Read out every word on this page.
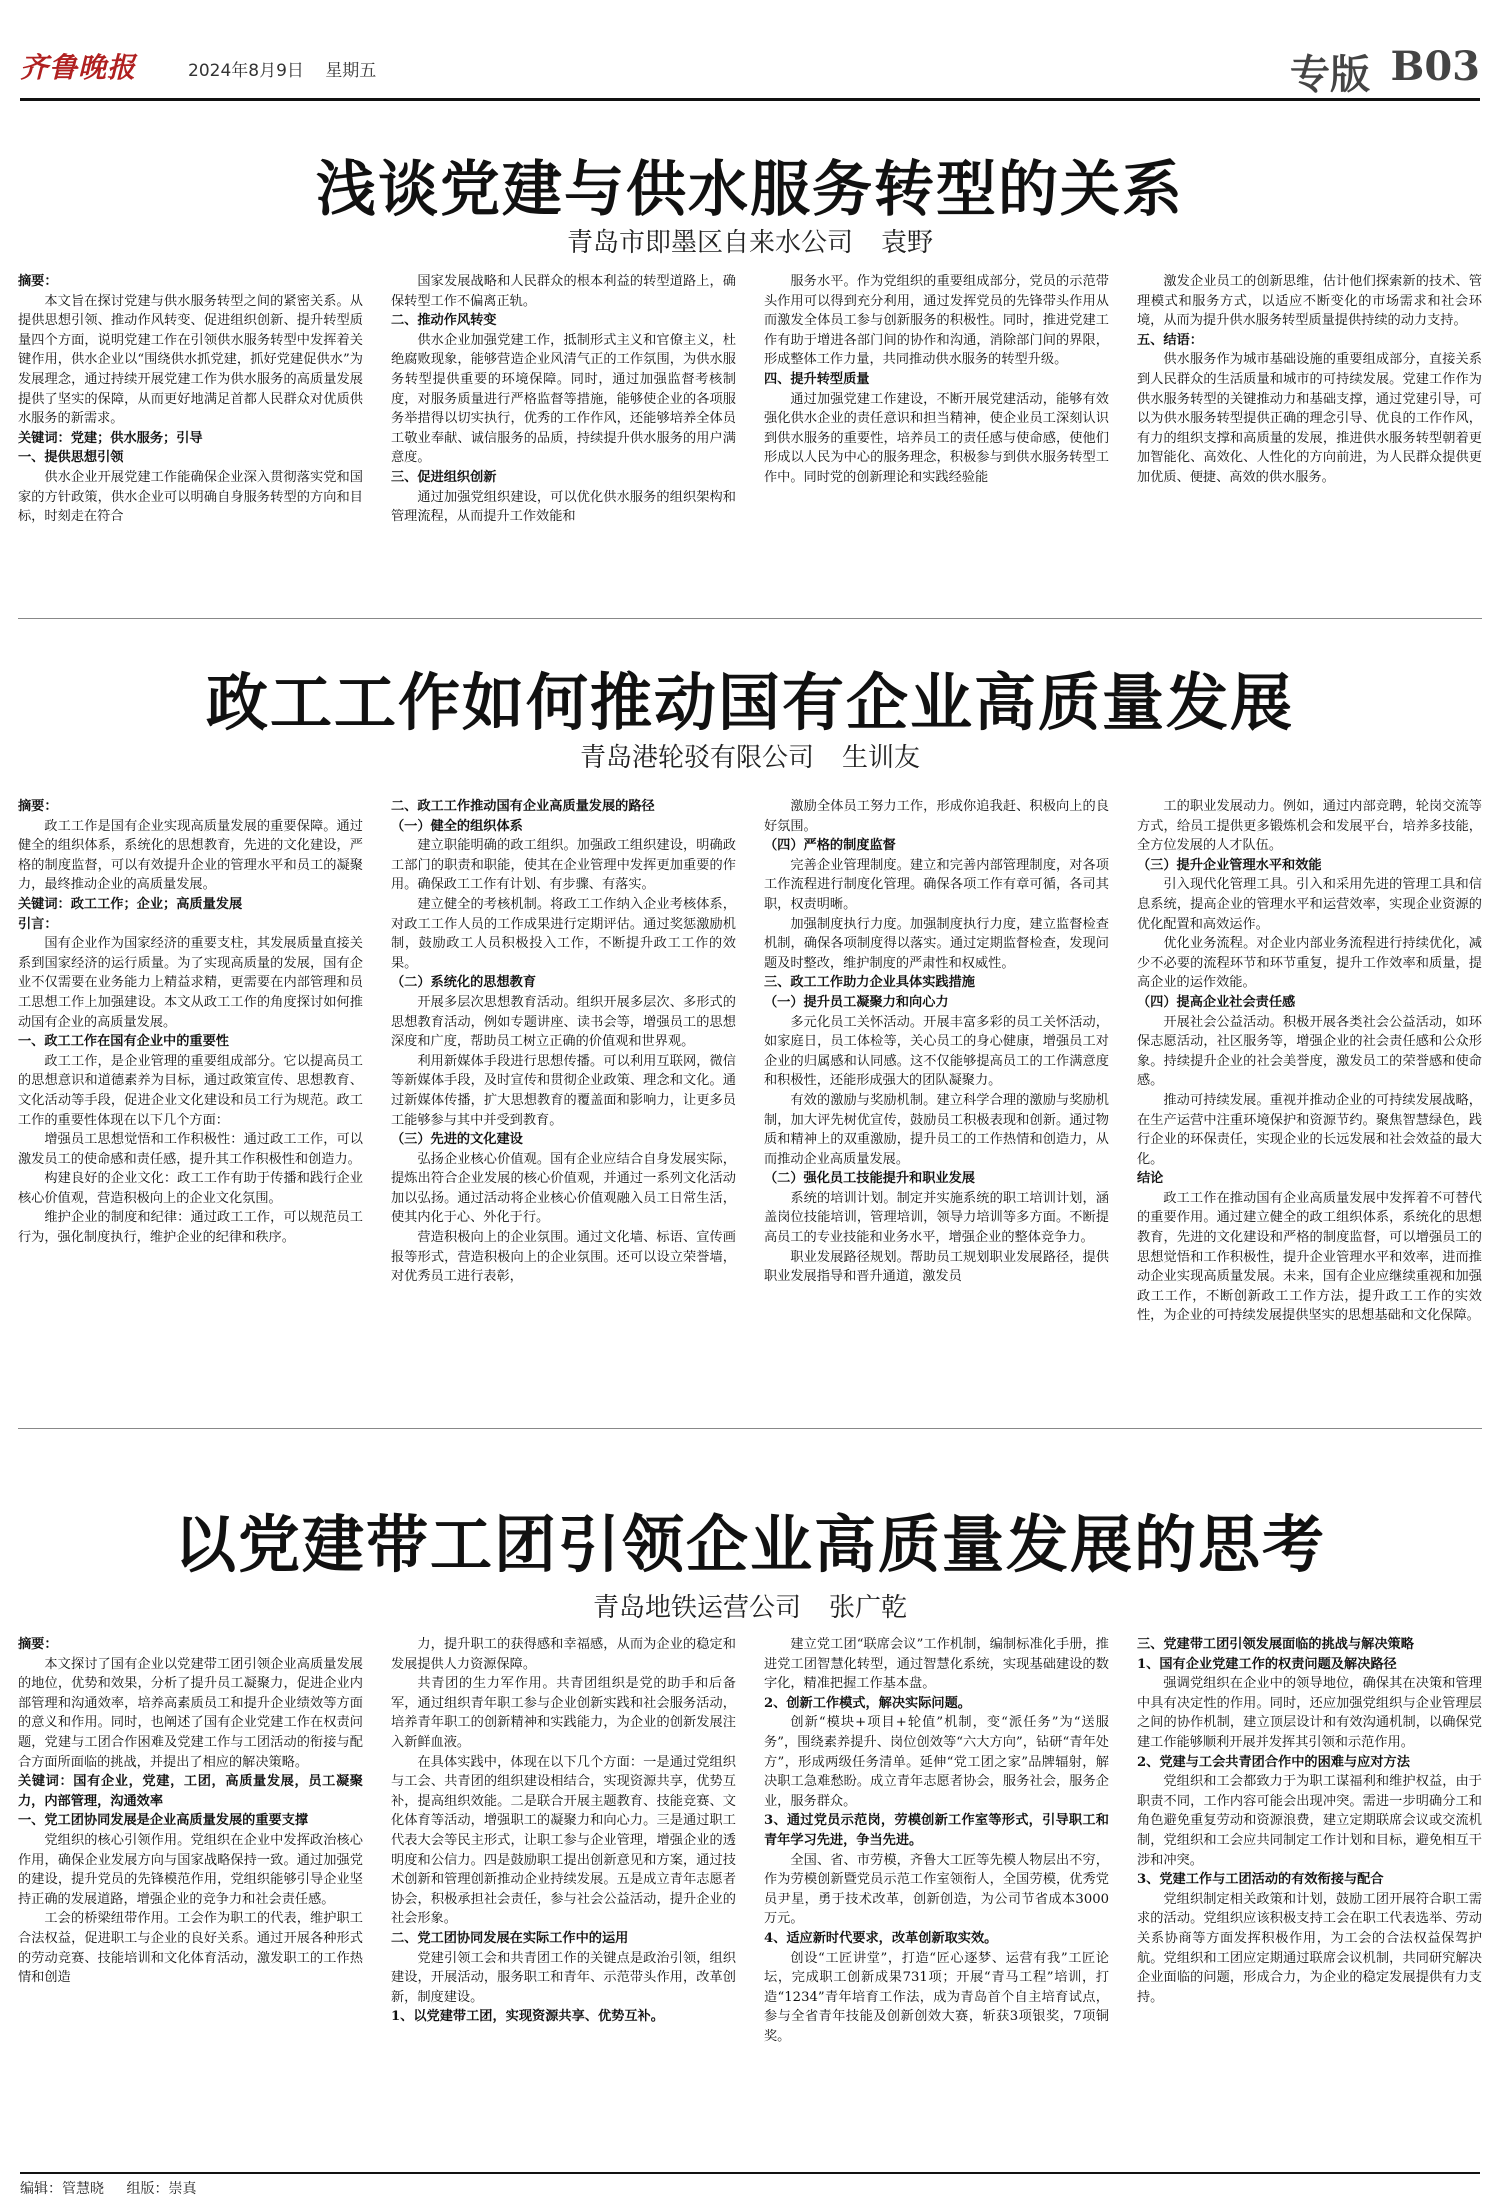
齐鲁晚报	2024年8月9日 星期五	专版 B03
浅谈党建与供水服务转型的关系
青岛市即墨区自来水公司 袁野

摘要：

本文旨在探讨党建与供水服务转型之间的紧密关系。从提供思想引领、推动作风转变、促进组织创新、提升转型质量四个方面，说明党建工作在引领供水服务转型中发挥着关键作用，供水企业以“围绕供水抓党建，抓好党建促供水”为发展理念，通过持续开展党建工作为供水服务的高质量发展提供了坚实的保障，从而更好地满足首都人民群众对优质供水服务的新需求。

关键词：党建；供水服务；引导

一、提供思想引领

供水企业开展党建工作能确保企业深入贯彻落实党和国家的方针政策，供水企业可以明确自身服务转型的方向和目标，时刻走在符合

国家发展战略和人民群众的根本利益的转型道路上，确保转型工作不偏离正轨。

二、推动作风转变

供水企业加强党建工作，抵制形式主义和官僚主义，杜绝腐败现象，能够营造企业风清气正的工作氛围，为供水服务转型提供重要的环境保障。同时，通过加强监督考核制度，对服务质量进行严格监督等措施，能够使企业的各项服务举措得以切实执行，优秀的工作作风，还能够培养全体员工敬业奉献、诚信服务的品质，持续提升供水服务的用户满意度。

三、促进组织创新

通过加强党组织建设，可以优化供水服务的组织架构和管理流程，从而提升工作效能和

服务水平。作为党组织的重要组成部分，党员的示范带头作用可以得到充分利用，通过发挥党员的先锋带头作用从而激发全体员工参与创新服务的积极性。同时，推进党建工作有助于增进各部门间的协作和沟通，消除部门间的界限，形成整体工作力量，共同推动供水服务的转型升级。

四、提升转型质量

通过加强党建工作建设，不断开展党建活动，能够有效强化供水企业的责任意识和担当精神，使企业员工深刻认识到供水服务的重要性，培养员工的责任感与使命感，使他们形成以人民为中心的服务理念，积极参与到供水服务转型工作中。同时党的创新理论和实践经验能

激发企业员工的创新思维，估计他们探索新的技术、管理模式和服务方式，以适应不断变化的市场需求和社会环境，从而为提升供水服务转型质量提供持续的动力支持。

五、结语：

供水服务作为城市基础设施的重要组成部分，直接关系到人民群众的生活质量和城市的可持续发展。党建工作作为供水服务转型的关键推动力和基础支撑，通过党建引导，可以为供水服务转型提供正确的理念引导、优良的工作作风，有力的组织支撑和高质量的发展，推进供水服务转型朝着更加智能化、高效化、人性化的方向前进，为人民群众提供更加优质、便捷、高效的供水服务。

政工工作如何推动国有企业高质量发展
青岛港轮驳有限公司 生训友

摘要：

政工工作是国有企业实现高质量发展的重要保障。通过健全的组织体系，系统化的思想教育，先进的文化建设，严格的制度监督，可以有效提升企业的管理水平和员工的凝聚力，最终推动企业的高质量发展。

关键词：政工工作；企业；高质量发展

引言：

国有企业作为国家经济的重要支柱，其发展质量直接关系到国家经济的运行质量。为了实现高质量的发展，国有企业不仅需要在业务能力上精益求精，更需要在内部管理和员工思想工作上加强建设。本文从政工工作的角度探讨如何推动国有企业的高质量发展。

一、政工工作在国有企业中的重要性

政工工作，是企业管理的重要组成部分。它以提高员工的思想意识和道德素养为目标，通过政策宣传、思想教育、文化活动等手段，促进企业文化建设和员工行为规范。政工工作的重要性体现在以下几个方面：

增强员工思想觉悟和工作积极性：通过政工工作，可以激发员工的使命感和责任感，提升其工作积极性和创造力。

构建良好的企业文化：政工工作有助于传播和践行企业核心价值观，营造积极向上的企业文化氛围。

维护企业的制度和纪律：通过政工工作，可以规范员工行为，强化制度执行，维护企业的纪律和秩序。

二、政工工作推动国有企业高质量发展的路径

（一）健全的组织体系

建立职能明确的政工组织。加强政工组织建设，明确政工部门的职责和职能，使其在企业管理中发挥更加重要的作用。确保政工工作有计划、有步骤、有落实。

建立健全的考核机制。将政工工作纳入企业考核体系，对政工工作人员的工作成果进行定期评估。通过奖惩激励机制，鼓励政工人员积极投入工作，不断提升政工工作的效果。

（二）系统化的思想教育

开展多层次思想教育活动。组织开展多层次、多形式的思想教育活动，例如专题讲座、读书会等，增强员工的思想深度和广度，帮助员工树立正确的价值观和世界观。

利用新媒体手段进行思想传播。可以利用互联网，微信等新媒体手段，及时宣传和贯彻企业政策、理念和文化。通过新媒体传播，扩大思想教育的覆盖面和影响力，让更多员工能够参与其中并受到教育。

（三）先进的文化建设

弘扬企业核心价值观。国有企业应结合自身发展实际，提炼出符合企业发展的核心价值观，并通过一系列文化活动加以弘扬。通过活动将企业核心价值观融入员工日常生活，使其内化于心、外化于行。

营造积极向上的企业氛围。通过文化墙、标语、宣传画报等形式，营造积极向上的企业氛围。还可以设立荣誉墙，对优秀员工进行表彰，

激励全体员工努力工作，形成你追我赶、积极向上的良好氛围。

（四）严格的制度监督

完善企业管理制度。建立和完善内部管理制度，对各项工作流程进行制度化管理。确保各项工作有章可循，各司其职，权责明晰。

加强制度执行力度。加强制度执行力度，建立监督检查机制，确保各项制度得以落实。通过定期监督检查，发现问题及时整改，维护制度的严肃性和权威性。

三、政工工作助力企业具体实践措施

（一）提升员工凝聚力和向心力

多元化员工关怀活动。开展丰富多彩的员工关怀活动，如家庭日，员工体检等，关心员工的身心健康，增强员工对企业的归属感和认同感。这不仅能够提高员工的工作满意度和积极性，还能形成强大的团队凝聚力。

有效的激励与奖励机制。建立科学合理的激励与奖励机制，加大评先树优宣传，鼓励员工积极表现和创新。通过物质和精神上的双重激励，提升员工的工作热情和创造力，从而推动企业高质量发展。

（二）强化员工技能提升和职业发展

系统的培训计划。制定并实施系统的职工培训计划，涵盖岗位技能培训，管理培训，领导力培训等多方面。不断提高员工的专业技能和业务水平，增强企业的整体竞争力。

职业发展路径规划。帮助员工规划职业发展路径，提供职业发展指导和晋升通道，激发员

工的职业发展动力。例如，通过内部竞聘，轮岗交流等方式，给员工提供更多锻炼机会和发展平台，培养多技能，全方位发展的人才队伍。

（三）提升企业管理水平和效能

引入现代化管理工具。引入和采用先进的管理工具和信息系统，提高企业的管理水平和运营效率，实现企业资源的优化配置和高效运作。

优化业务流程。对企业内部业务流程进行持续优化，减少不必要的流程环节和环节重复，提升工作效率和质量，提高企业的运作效能。

（四）提高企业社会责任感

开展社会公益活动。积极开展各类社会公益活动，如环保志愿活动，社区服务等，增强企业的社会责任感和公众形象。持续提升企业的社会美誉度，激发员工的荣誉感和使命感。

推动可持续发展。重视并推动企业的可持续发展战略，在生产运营中注重环境保护和资源节约。聚焦智慧绿色，践行企业的环保责任，实现企业的长远发展和社会效益的最大化。

结论

政工工作在推动国有企业高质量发展中发挥着不可替代的重要作用。通过建立健全的政工组织体系，系统化的思想教育，先进的文化建设和严格的制度监督，可以增强员工的思想觉悟和工作积极性，提升企业管理水平和效率，进而推动企业实现高质量发展。未来，国有企业应继续重视和加强政工工作，不断创新政工工作方法，提升政工工作的实效性，为企业的可持续发展提供坚实的思想基础和文化保障。

以党建带工团引领企业高质量发展的思考
青岛地铁运营公司 张广乾

摘要：

本文探讨了国有企业以党建带工团引领企业高质量发展的地位，优势和效果，分析了提升员工凝聚力，促进企业内部管理和沟通效率，培养高素质员工和提升企业绩效等方面的意义和作用。同时，也阐述了国有企业党建工作在权责问题，党建与工团合作困难及党建工作与工团活动的衔接与配合方面所面临的挑战，并提出了相应的解决策略。

关键词：国有企业，党建，工团，高质量发展，员工凝聚力，内部管理，沟通效率

一、党工团协同发展是企业高质量发展的重要支撑

党组织的核心引领作用。党组织在企业中发挥政治核心作用，确保企业发展方向与国家战略保持一致。通过加强党的建设，提升党员的先锋模范作用，党组织能够引导企业坚持正确的发展道路，增强企业的竞争力和社会责任感。

工会的桥梁纽带作用。工会作为职工的代表，维护职工合法权益，促进职工与企业的良好关系。通过开展各种形式的劳动竞赛、技能培训和文化体育活动，激发职工的工作热情和创造

力，提升职工的获得感和幸福感，从而为企业的稳定和发展提供人力资源保障。

共青团的生力军作用。共青团组织是党的助手和后备军，通过组织青年职工参与企业创新实践和社会服务活动，培养青年职工的创新精神和实践能力，为企业的创新发展注入新鲜血液。

在具体实践中，体现在以下几个方面：一是通过党组织与工会、共青团的组织建设相结合，实现资源共享，优势互补，提高组织效能。二是联合开展主题教育、技能竞赛、文化体育等活动，增强职工的凝聚力和向心力。三是通过职工代表大会等民主形式，让职工参与企业管理，增强企业的透明度和公信力。四是鼓励职工提出创新意见和方案，通过技术创新和管理创新推动企业持续发展。五是成立青年志愿者协会，积极承担社会责任，参与社会公益活动，提升企业的社会形象。

二、党工团协同发展在实际工作中的运用

党建引领工会和共青团工作的关键点是政治引领，组织建设，开展活动，服务职工和青年、示范带头作用，改革创新，制度建设。

1、以党建带工团，实现资源共享、优势互补。

建立党工团“联席会议”工作机制，编制标准化手册，推进党工团智慧化转型，通过智慧化系统，实现基础建设的数字化，精准把握工作基本盘。

2、创新工作模式，解决实际问题。

创新“模块+项目+轮值”机制，变“派任务”为“送服务”，围绕素养提升、岗位创效等“六大方向”，钻研“青年处方”，形成两级任务清单。延伸“党工团之家”品牌辐射，解决职工急难愁盼。成立青年志愿者协会，服务社会，服务企业，服务群众。

3、通过党员示范岗，劳模创新工作室等形式，引导职工和青年学习先进，争当先进。

全国、省、市劳模，齐鲁大工匠等先模人物层出不穷，作为劳模创新暨党员示范工作室领衔人，全国劳模，优秀党员尹星，勇于技术改革，创新创造，为公司节省成本3000万元。

4、适应新时代要求，改革创新取实效。

创设“工匠讲堂”，打造“匠心逐梦、运营有我”工匠论坛，完成职工创新成果731项；开展“青马工程”培训，打造“1234”青年培育工作法，成为青岛首个自主培育试点，参与全省青年技能及创新创效大赛，斩获3项银奖，7项铜奖。

三、党建带工团引领发展面临的挑战与解决策略

1、国有企业党建工作的权责问题及解决路径

强调党组织在企业中的领导地位，确保其在决策和管理中具有决定性的作用。同时，还应加强党组织与企业管理层之间的协作机制，建立顶层设计和有效沟通机制，以确保党建工作能够顺利开展并发挥其引领和示范作用。

2、党建与工会共青团合作中的困难与应对方法

党组织和工会都致力于为职工谋福利和维护权益，由于职责不同，工作内容可能会出现冲突。需进一步明确分工和角色避免重复劳动和资源浪费，建立定期联席会议或交流机制，党组织和工会应共同制定工作计划和目标，避免相互干涉和冲突。

3、党建工作与工团活动的有效衔接与配合

党组织制定相关政策和计划，鼓励工团开展符合职工需求的活动。党组织应该积极支持工会在职工代表选举、劳动关系协商等方面发挥积极作用，为工会的合法权益保驾护航。党组织和工团应定期通过联席会议机制，共同研究解决企业面临的问题，形成合力，为企业的稳定发展提供有力支持。

编辑：管慧晓 组版：崇真
